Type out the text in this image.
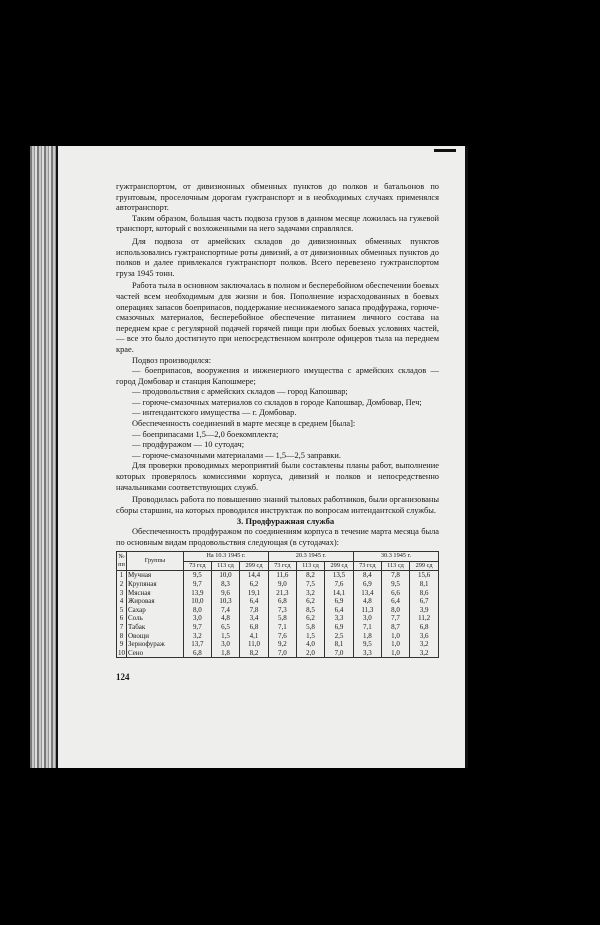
гужтранспортом, от дивизионных обменных пунктов до полков и батальонов по грунтовым, проселочным дорогам гужтранспорт и в необходимых случаях применялся автотранспорт.

Таким образом, большая часть подвоза грузов в данном месяце ложилась на гужевой транспорт, который с возложенными на него задачами справлялся.

Для подвоза от армейских складов до дивизионных обменных пунктов использовались гужтранспортные роты дивизий, а от дивизионных обменных пунктов до полков и далее привлекался гужтранспорт полков. Всего перевезено гужтранспортом груза 1945 тонн.

Работа тыла в основном заключалась в полном и бесперебойном обеспечении боевых частей всем необходимым для жизни и боя. Пополнение израсходованных в боевых операциях запасов боеприпасов, поддержание неснижаемого запаса продфуража, горюче-смазочных материалов, бесперебойное обеспечение питанием личного состава на переднем крае с регулярной подачей горячей пищи при любых боевых условиях частей, — все это было достигнуто при непосредственном контроле офицеров тыла на переднем крае.

Подвоз производился:

— боеприпасов, вооружения и инженерного имущества с армейских складов — город Домбовар и станция Капошмере;

— продовольствия с армейских складов — город Капошвар;

— горюче-смазочных материалов со складов в городе Капошвар, Домбовар, Печ;

— интендантского имущества — г. Домбовар.

Обеспеченность соединений в марте месяце в среднем [была]:

— боеприпасами 1,5—2,0 боекомплекта;

— продфуражом — 10 сутодач;

— горюче-смазочными материалами — 1,5—2,5 заправки.

Для проверки проводимых мероприятий были составлены планы работ, выполнение которых проверялось комиссиями корпуса, дивизий и полков и непосредственно начальниками соответствующих служб.

Проводилась работа по повышению знаний тыловых работников, были организованы сборы старшин, на которых проводился инструктаж по вопросам интендантской службы.

3. Продфуражная служба

Обеспеченность продфуражом по соединениям корпуса в течение марта месяца была по основным видам продовольствия следующая (в сутодачах):

№ пп	Группы	На 10.3 1945 г.			20.3 1945 г.			30.3 1945 г.		
		73 гсд	113 сд	299 сд	73 гсд	113 сд	299 сд	73 гсд	113 сд	299 сд
1	Мучная	9,5	10,0	14,4	11,6	8,2	13,5	8,4	7,8	15,6
2	Крупяная	9,7	8,3	6,2	9,0	7,5	7,6	6,9	9,5	8,1
3	Мясная	13,9	9,6	19,1	21,3	3,2	14,1	13,4	6,6	8,6
4	Жировая	10,0	10,3	6,4	6,8	6,2	6,9	4,8	6,4	6,7
5	Сахар	8,0	7,4	7,8	7,3	8,5	6,4	11,3	8,0	3,9
6	Соль	3,0	4,8	3,4	5,8	6,2	3,3	3,0	7,7	11,2
7	Табак	9,7	6,5	6,8	7,1	5,8	6,9	7,1	8,7	6,8
8	Овощи	3,2	1,5	4,1	7,6	1,5	2,5	1,8	1,0	3,6
9	Зернофураж	13,7	3,0	11,0	9,2	4,0	8,1	9,5	1,0	3,2
10	Сено	6,8	1,8	8,2	7,0	2,0	7,0	3,3	1,0	3,2
124
